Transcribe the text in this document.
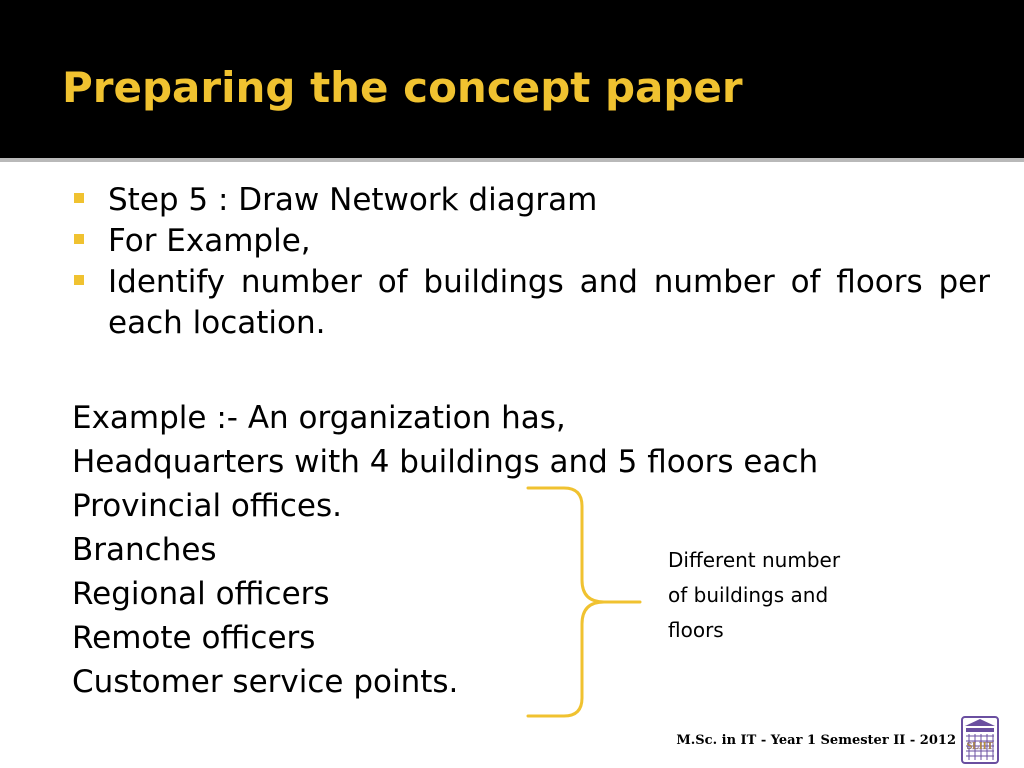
Preparing the concept paper
Step 5 : Draw Network diagram
For Example,
Identify number of buildings and number of floors per each location.
Example :- An organization has,
Headquarters with 4 buildings and 5 floors each
Provincial offices.
Branches
Regional officers
Remote officers
Customer service points.
Different number
of buildings and
floors
M.Sc. in IT - Year 1 Semester II - 2012 SLIIT
